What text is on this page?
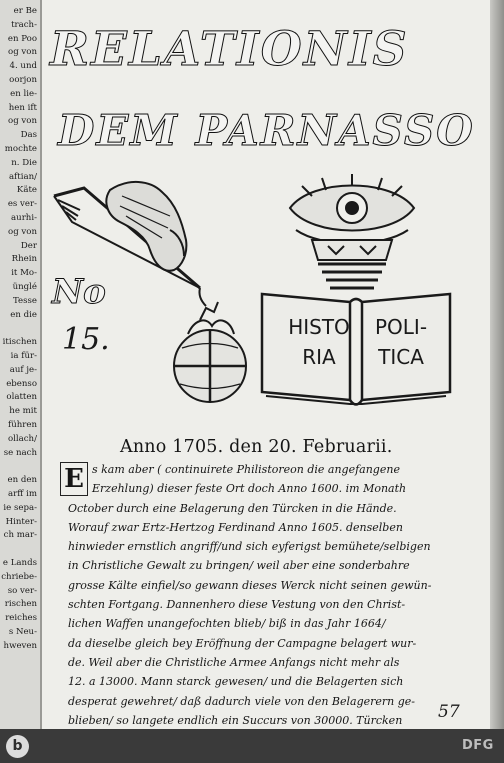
er Be
trach-
en Poo
og von
4. und
oorjon
en lie-
hen ift
og von
Das
mochte
n. Die
aftian/
Käte
es ver-
aurhi-
og von
Der
Rhein
it Mo-
ünglé
Tesse
en die
itischen
ia für-
auf je-
ebenso
olatten
he mit
führen
ollach/
se nach
en den
arff im
ie sepa-
Hinter-
ch mar-
e Lands
chriebe-
so ver-
rischen
reiches
s Neu-
hweven
RELATIONIS
DEM PARNASSO
HISTO RIA
POLI- TICA
No
15.
Anno 1705. den 20. Februarii.
E s kam aber ( continuirete Philistoreon die angefangene
Erzehlung) dieser feste Ort doch Anno 1600. im Monath
October durch eine Belagerung den Türcken in die Hände.
Worauf zwar Ertz-Hertzog Ferdinand Anno 1605. denselben
hinwieder ernstlich angriff/und sich eyferigst bemühete/selbigen
in Christliche Gewalt zu bringen/ weil aber eine sonderbahre
grosse Kälte einfiel/so gewann dieses Werck nicht seinen gewün-
schten Fortgang. Dannenhero diese Vestung von den Christ-
lichen Waffen unangefochten blieb/ biß in das Jahr 1664/
da dieselbe gleich bey Eröffnung der Campagne belagert wur-
de. Weil aber die Christliche Armee Anfangs nicht mehr als
12. a 13000. Mann starck gewesen/ und die Belagerten sich
desperat gewehret/ daß dadurch viele von den Belagerern ge-
blieben/ so langete endlich ein Succurs von 30000. Türcken	57
b	DFG
